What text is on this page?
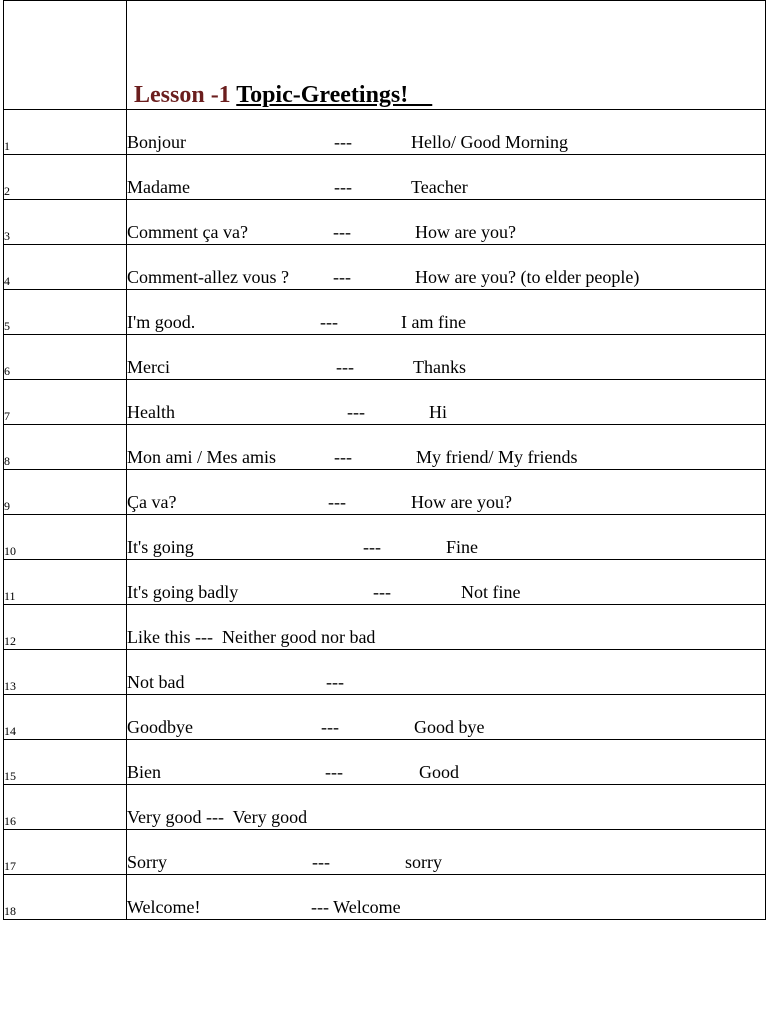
	Lesson -1 Topic-Greetings!

1	Bonjour --- Hello/ Good Morning

2	Madame --- Teacher

3	Comment ça va? --- How are you?

4	Comment-allez vous ? --- How are you? (to elder people)

5	I'm good. --- I am fine

6	Merci --- Thanks

7	Health --- Hi

8	Mon ami / Mes amis --- My friend/ My friends

9	Ça va? --- How are you?

10	It's going --- Fine

11	It's going badly --- Not fine

12	Like this ---  Neither good nor bad

13	Not bad ---

14	Goodbye --- Good bye

15	Bien --- Good

16	Very good ---  Very good

17	Sorry --- sorry

18	Welcome! --- Welcome
